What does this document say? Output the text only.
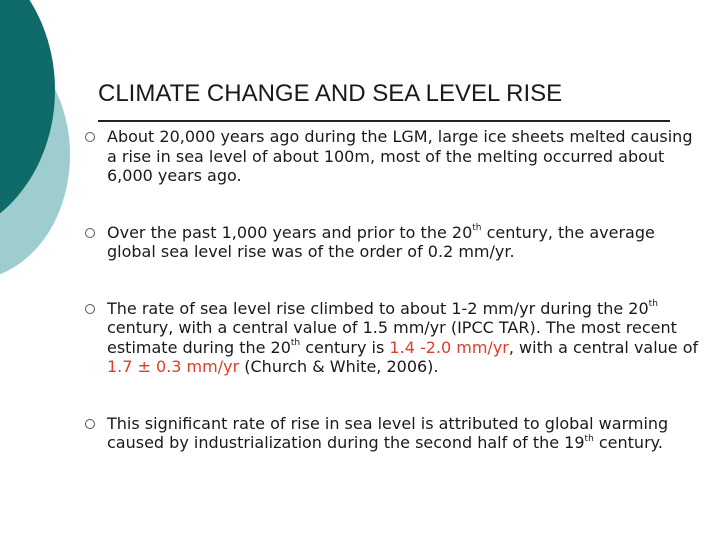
CLIMATE CHANGE AND SEA LEVEL RISE
About 20,000 years ago during the LGM, large ice sheets melted causing a rise in sea level of about 100m, most of the melting occurred about 6,000 years ago.
Over the past 1,000 years and prior to the 20th century, the average global sea level rise was of the order of 0.2 mm/yr.
The rate of sea level rise climbed to about 1-2 mm/yr during the 20th century, with a central value of 1.5 mm/yr (IPCC TAR). The most recent estimate during the 20th century is 1.4 -2.0 mm/yr, with a central value of 1.7 ± 0.3 mm/yr (Church & White, 2006).
This significant rate of rise in sea level is attributed to global warming caused by industrialization during the second half of the 19th century.
